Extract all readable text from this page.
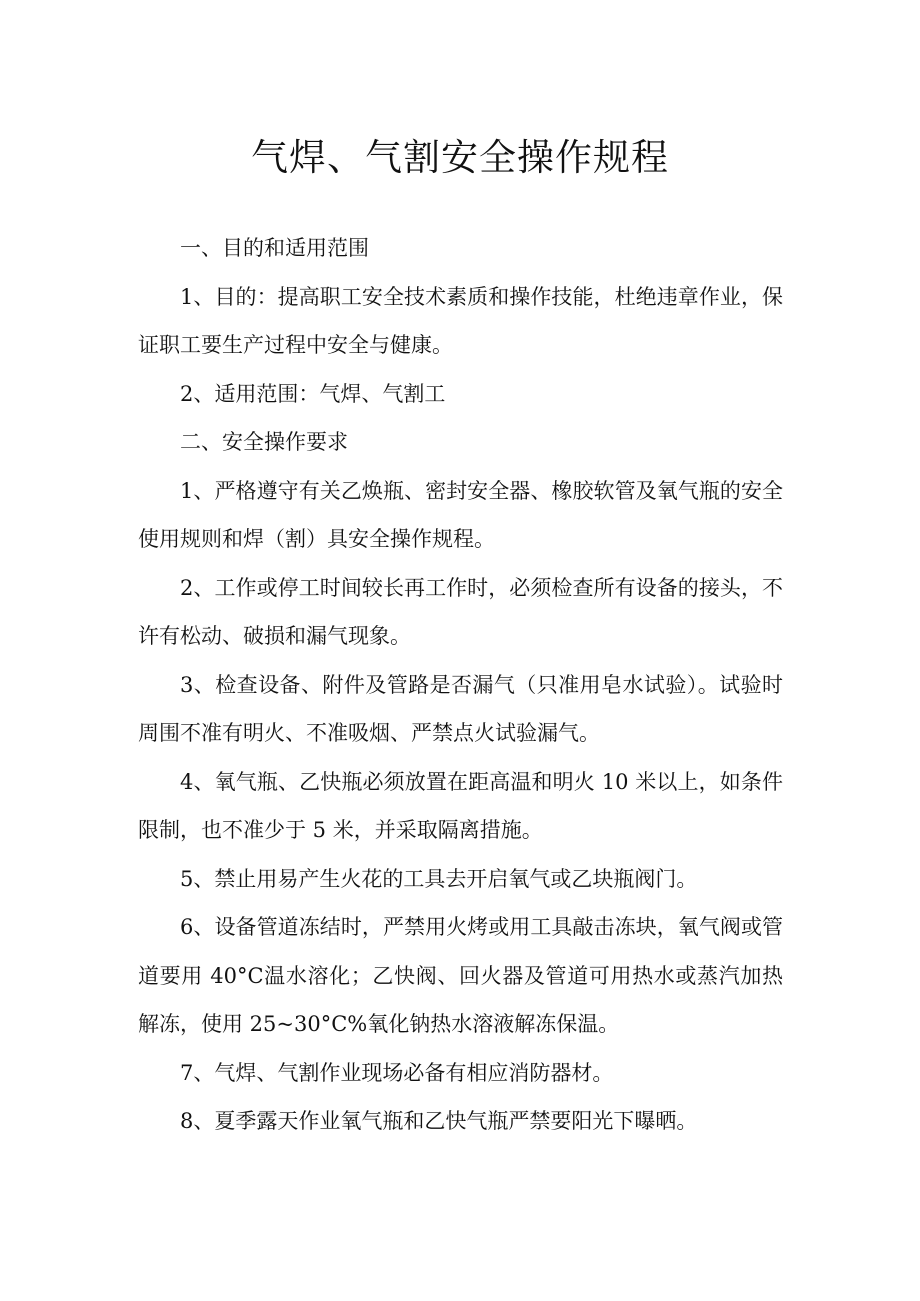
气焊、气割安全操作规程

一、目的和适用范围

1、目的：提高职工安全技术素质和操作技能，杜绝违章作业，保证职工要生产过程中安全与健康。

2、适用范围：气焊、气割工

二、安全操作要求

1、严格遵守有关乙焕瓶、密封安全器、橡胶软管及氧气瓶的安全使用规则和焊（割）具安全操作规程。

2、工作或停工时间较长再工作时，必须检查所有设备的接头，不许有松动、破损和漏气现象。

3、检查设备、附件及管路是否漏气（只准用皂水试验）。试验时周围不准有明火、不准吸烟、严禁点火试验漏气。

4、氧气瓶、乙快瓶必须放置在距高温和明火 10 米以上，如条件限制，也不准少于 5 米，并采取隔离措施。

5、禁止用易产生火花的工具去开启氧气或乙块瓶阀门。

6、设备管道冻结时，严禁用火烤或用工具敲击冻块，氧气阀或管道要用 40°C温水溶化；乙快阀、回火器及管道可用热水或蒸汽加热解冻，使用 25~30°C%氧化钠热水溶液解冻保温。

7、气焊、气割作业现场必备有相应消防器材。

8、夏季露天作业氧气瓶和乙快气瓶严禁要阳光下曝晒。
